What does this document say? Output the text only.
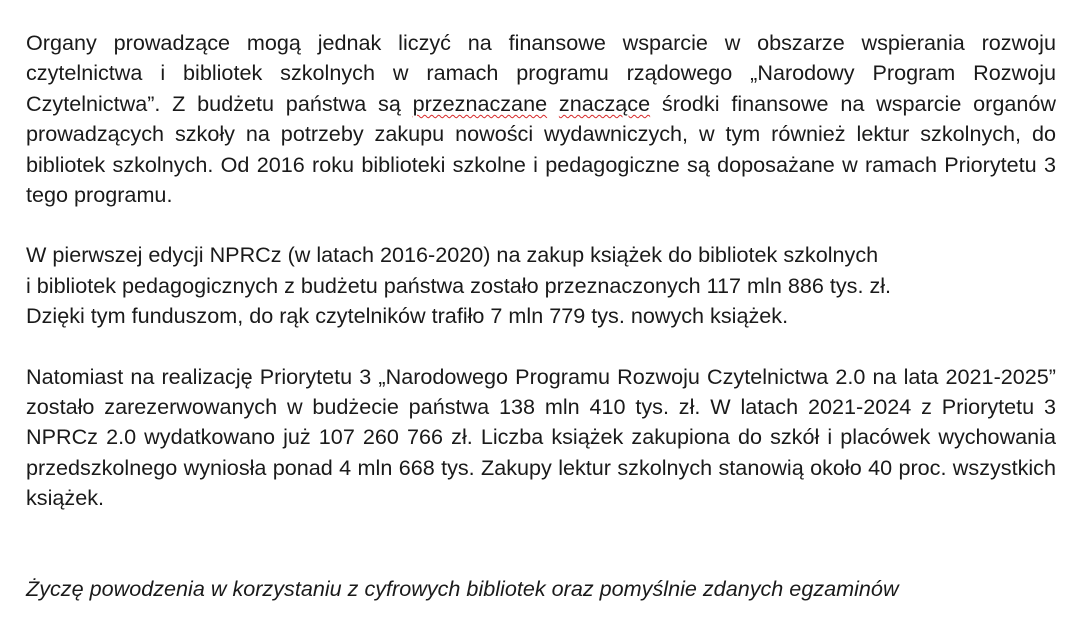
Organy prowadzące mogą jednak liczyć na finansowe wsparcie w obszarze wspierania rozwoju czytelnictwa i bibliotek szkolnych w ramach programu rządowego „Narodowy Program Rozwoju Czytelnictwa”. Z budżetu państwa są przeznaczane znaczące środki finansowe na wsparcie organów prowadzących szkoły na potrzeby zakupu nowości wydawniczych, w tym również lektur szkolnych, do bibliotek szkolnych. Od 2016 roku biblioteki szkolne i pedagogiczne są doposażane w ramach Priorytetu 3 tego programu.

W pierwszej edycji NPRCz (w latach 2016-2020) na zakup książek do bibliotek szkolnych
i bibliotek pedagogicznych z budżetu państwa zostało przeznaczonych 117 mln 886 tys. zł.
Dzięki tym funduszom, do rąk czytelników trafiło 7 mln 779 tys. nowych książek.

Natomiast na realizację Priorytetu 3 „Narodowego Programu Rozwoju Czytelnictwa 2.0 na lata 2021-2025” zostało zarezerwowanych w budżecie państwa 138 mln 410 tys. zł. W latach 2021-2024 z Priorytetu 3 NPRCz 2.0 wydatkowano już 107 260 766 zł. Liczba książek zakupiona do szkół i placówek wychowania przedszkolnego wyniosła ponad 4 mln 668 tys. Zakupy lektur szkolnych stanowią około 40 proc. wszystkich książek.

Życzę powodzenia w korzystaniu z cyfrowych bibliotek oraz pomyślnie zdanych egzaminów
